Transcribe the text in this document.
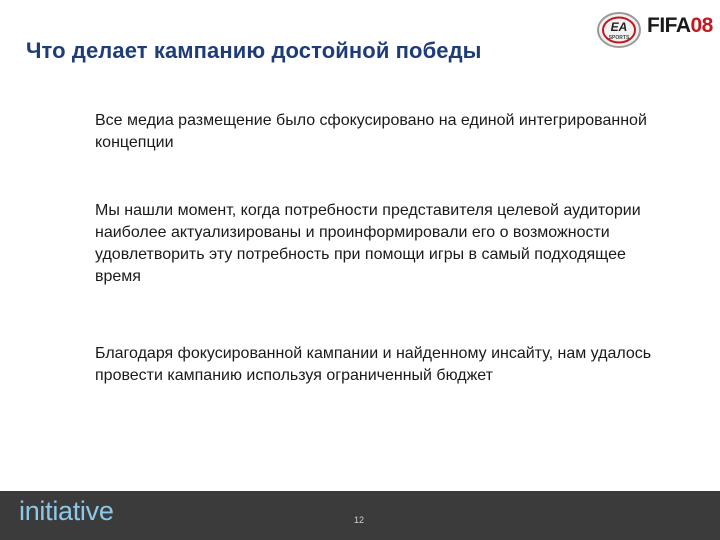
Что делает кампанию достойной победы
EA
SPORTS
FIFA08
Все медиа размещение было сфокусировано на единой интегрированной концепции
Мы нашли момент, когда потребности представителя целевой аудитории наиболее актуализированы и проинформировали его о возможности удовлетворить эту потребность при помощи игры в самый подходящее время
Благодаря фокусированной кампании и найденному инсайту, нам удалось провести кампанию используя ограниченный бюджет
initiative	12
